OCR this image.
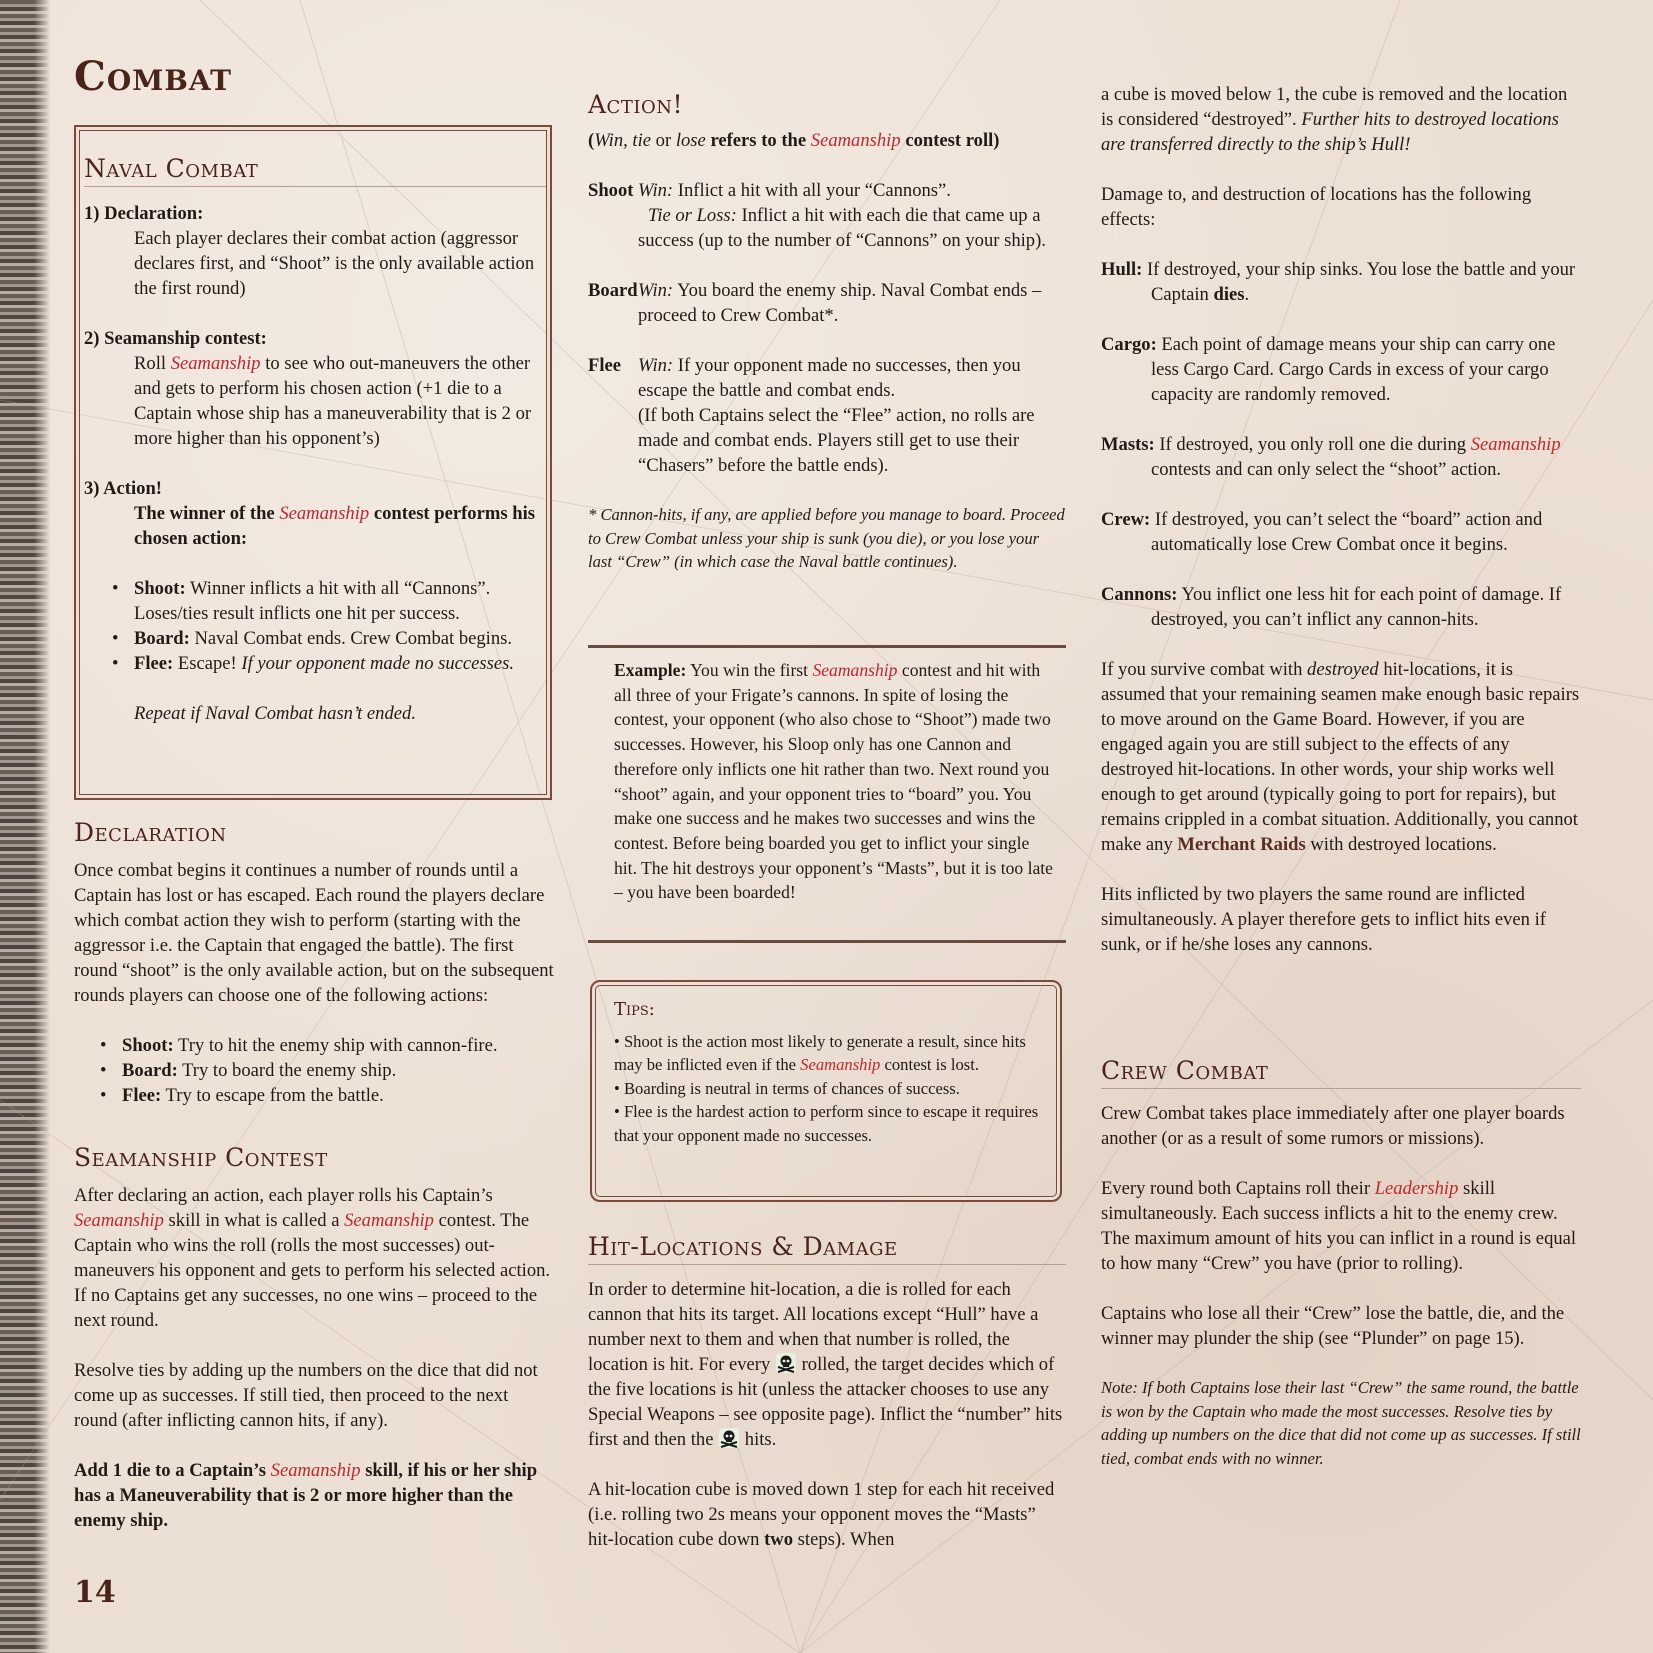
Combat
Naval Combat

1) Declaration:

Each player declares their combat action (aggressor declares first, and “Shoot” is the only available action the first round)

2) Seamanship contest:

Roll Seamanship to see who out-maneuvers the other and gets to perform his chosen action (+1 die to a Captain whose ship has a maneuverability that is 2 or more higher than his opponent’s)

3) Action!

The winner of the Seamanship contest performs his chosen action:

• Shoot: Winner inflicts a hit with all “Cannons”. Loses/ties result inflicts one hit per success.
• Board: Naval Combat ends. Crew Combat begins.
• Flee: Escape! If your opponent made no successes.

Repeat if Naval Combat hasn’t ended.

Declaration

Once combat begins it continues a number of rounds until a Captain has lost or has escaped. Each round the players declare which combat action they wish to perform (starting with the aggressor i.e. the Captain that engaged the battle). The first round “shoot” is the only available action, but on the subsequent rounds players can choose one of the following actions:

• Shoot: Try to hit the enemy ship with cannon-fire.
• Board: Try to board the enemy ship.
• Flee: Try to escape from the battle.
Seamanship Contest

After declaring an action, each player rolls his Captain’s Seamanship skill in what is called a Seamanship contest. The Captain who wins the roll (rolls the most successes) out-maneuvers his opponent and gets to perform his selected action. If no Captains get any successes, no one wins – proceed to the next round.

Resolve ties by adding up the numbers on the dice that did not come up as successes. If still tied, then proceed to the next round (after inflicting cannon hits, if any).

Add 1 die to a Captain’s Seamanship skill, if his or her ship has a Maneuverability that is 2 or more higher than the enemy ship.

Action!

(Win, tie or lose refers to the Seamanship contest roll)

Shoot Win: Inflict a hit with all your “Cannons”.

Tie or Loss: Inflict a hit with each die that came up a success (up to the number of “Cannons” on your ship).

BoardWin: You board the enemy ship. Naval Combat ends – proceed to Crew Combat*.

Flee Win: If your opponent made no successes, then you escape the battle and combat ends.

(If both Captains select the “Flee” action, no rolls are made and combat ends. Players still get to use their “Chasers” before the battle ends).

* Cannon-hits, if any, are applied before you manage to board. Proceed to Crew Combat unless your ship is sunk (you die), or you lose your last “Crew” (in which case the Naval battle continues).

Example: You win the first Seamanship contest and hit with all three of your Frigate’s cannons. In spite of losing the contest, your opponent (who also chose to “Shoot”) made two successes. However, his Sloop only has one Cannon and therefore only inflicts one hit rather than two. Next round you “shoot” again, and your opponent tries to “board” you. You make one success and he makes two successes and wins the contest. Before being boarded you get to inflict your single hit. The hit destroys your opponent’s “Masts”, but it is too late – you have been boarded!

Tips:

• Shoot is the action most likely to generate a result, since hits may be inflicted even if the Seamanship contest is lost.

• Boarding is neutral in terms of chances of success.

• Flee is the hardest action to perform since to escape it requires that your opponent made no successes.

Hit-Locations & Damage

In order to determine hit-location, a die is rolled for each cannon that hits its target. All locations except “Hull” have a number next to them and when that number is rolled, the location is hit. For every rolled, the target decides which of the five locations is hit (unless the attacker chooses to use any Special Weapons – see opposite page). Inflict the “number” hits first and then the hits.

A hit-location cube is moved down 1 step for each hit received (i.e. rolling two 2s means your opponent moves the “Masts” hit-location cube down two steps). When

a cube is moved below 1, the cube is removed and the location is considered “destroyed”. Further hits to destroyed locations are transferred directly to the ship’s Hull!

Damage to, and destruction of locations has the following effects:

Hull: If destroyed, your ship sinks. You lose the battle and your Captain dies.

Cargo: Each point of damage means your ship can carry one less Cargo Card. Cargo Cards in excess of your cargo capacity are randomly removed.

Masts: If destroyed, you only roll one die during Seamanship contests and can only select the “shoot” action.

Crew: If destroyed, you can’t select the “board” action and automatically lose Crew Combat once it begins.

Cannons: You inflict one less hit for each point of damage. If destroyed, you can’t inflict any cannon-hits.

If you survive combat with destroyed hit-locations, it is assumed that your remaining seamen make enough basic repairs to move around on the Game Board. However, if you are engaged again you are still subject to the effects of any destroyed hit-locations. In other words, your ship works well enough to get around (typically going to port for repairs), but remains crippled in a combat situation. Additionally, you cannot make any Merchant Raids with destroyed locations.

Hits inflicted by two players the same round are inflicted simultaneously. A player therefore gets to inflict hits even if sunk, or if he/she loses any cannons.

Crew Combat

Crew Combat takes place immediately after one player boards another (or as a result of some rumors or missions).

Every round both Captains roll their Leadership skill simultaneously. Each success inflicts a hit to the enemy crew. The maximum amount of hits you can inflict in a round is equal to how many “Crew” you have (prior to rolling).

Captains who lose all their “Crew” lose the battle, die, and the winner may plunder the ship (see “Plunder” on page 15).

Note: If both Captains lose their last “Crew” the same round, the battle is won by the Captain who made the most successes. Resolve ties by adding up numbers on the dice that did not come up as successes. If still tied, combat ends with no winner.

14
